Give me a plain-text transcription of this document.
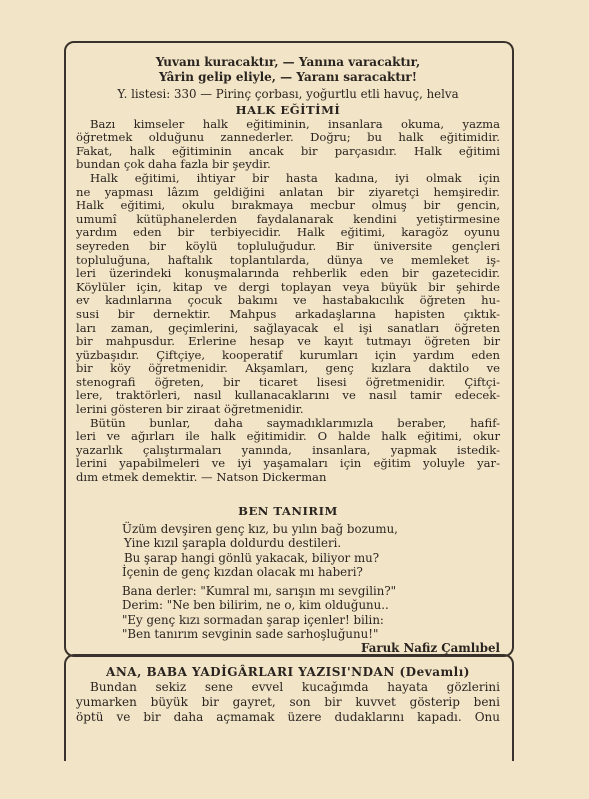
Yuvanı kuracaktır, — Yanına varacaktır,

Yârin gelip eliyle, — Yaranı saracaktır!

Y. listesi: 330 — Pirinç çorbası, yoğurtlu etli havuç, helva

HALK EĞİTİMİ

Bazı kimseler halk eğitiminin, insanlara okuma, yazma

öğretmek olduğunu zannederler. Doğru; bu halk eğitimidir.

Fakat, halk eğitiminin ancak bir parçasıdır. Halk eğitimi

bundan çok daha fazla bir şeydir.

Halk eğitimi, ihtiyar bir hasta kadına, iyi olmak için

ne yapması lâzım geldiğini anlatan bir ziyaretçi hemşiredir.

Halk eğitimi, okulu bırakmaya mecbur olmuş bir gencin,

umumî kütüphanelerden faydalanarak kendini yetiştirmesine

yardım eden bir terbiyecidir. Halk eğitimi, karagöz oyunu

seyreden bir köylü topluluğudur. Bir üniversite gençleri

topluluğuna, haftalık toplantılarda, dünya ve memleket iş-

leri üzerindeki konuşmalarında rehberlik eden bir gazetecidir.

Köylüler için, kitap ve dergi toplayan veya büyük bir şehirde

ev kadınlarına çocuk bakımı ve hastabakıcılık öğreten hu-

susi bir dernektir. Mahpus arkadaşlarına hapisten çıktık-

ları zaman, geçimlerini, sağlayacak el işi sanatları öğreten

bir mahpusdur. Erlerine hesap ve kayıt tutmayı öğreten bir

yüzbaşıdır. Çiftçiye, kooperatif kurumları için yardım eden

bir köy öğretmenidir. Akşamları, genç kızlara daktilo ve

stenografi öğreten, bir ticaret lisesi öğretmenidir. Çiftçi-

lere, traktörleri, nasıl kullanacaklarını ve nasıl tamir edecek-

lerini gösteren bir ziraat öğretmenidir.

Bütün bunlar, daha saymadıklarımızla beraber, hafif-

leri ve ağırları ile halk eğitimidir. O halde halk eğitimi, okur

yazarlık çalıştırmaları yanında, insanlara, yapmak istedik-

lerini yapabilmeleri ve iyi yaşamaları için eğitim yoluyle yar-

dım etmek demektir. — Natson Dickerman

BEN TANIRIM

Üzüm devşiren genç kız, bu yılın bağ bozumu,

Yine kızıl şarapla doldurdu destileri.

Bu şarap hangi gönlü yakacak, biliyor mu?

İçenin de genç kızdan olacak mı haberi?

Bana derler: "Kumral mı, sarışın mı sevgilin?"

Derim: "Ne ben bilirim, ne o, kim olduğunu..

"Ey genç kızı sormadan şarap içenler! bilin:

"Ben tanırım sevginin sade sarhoşluğunu!"

Faruk Nafiz Çamlıbel

ANA, BABA YADİGÂRLARI YAZISI'NDAN (Devamlı)

Bundan sekiz sene evvel kucağımda hayata gözlerini

yumarken büyük bir gayret, son bir kuvvet gösterip beni

öptü ve bir daha açmamak üzere dudaklarını kapadı. Onu
